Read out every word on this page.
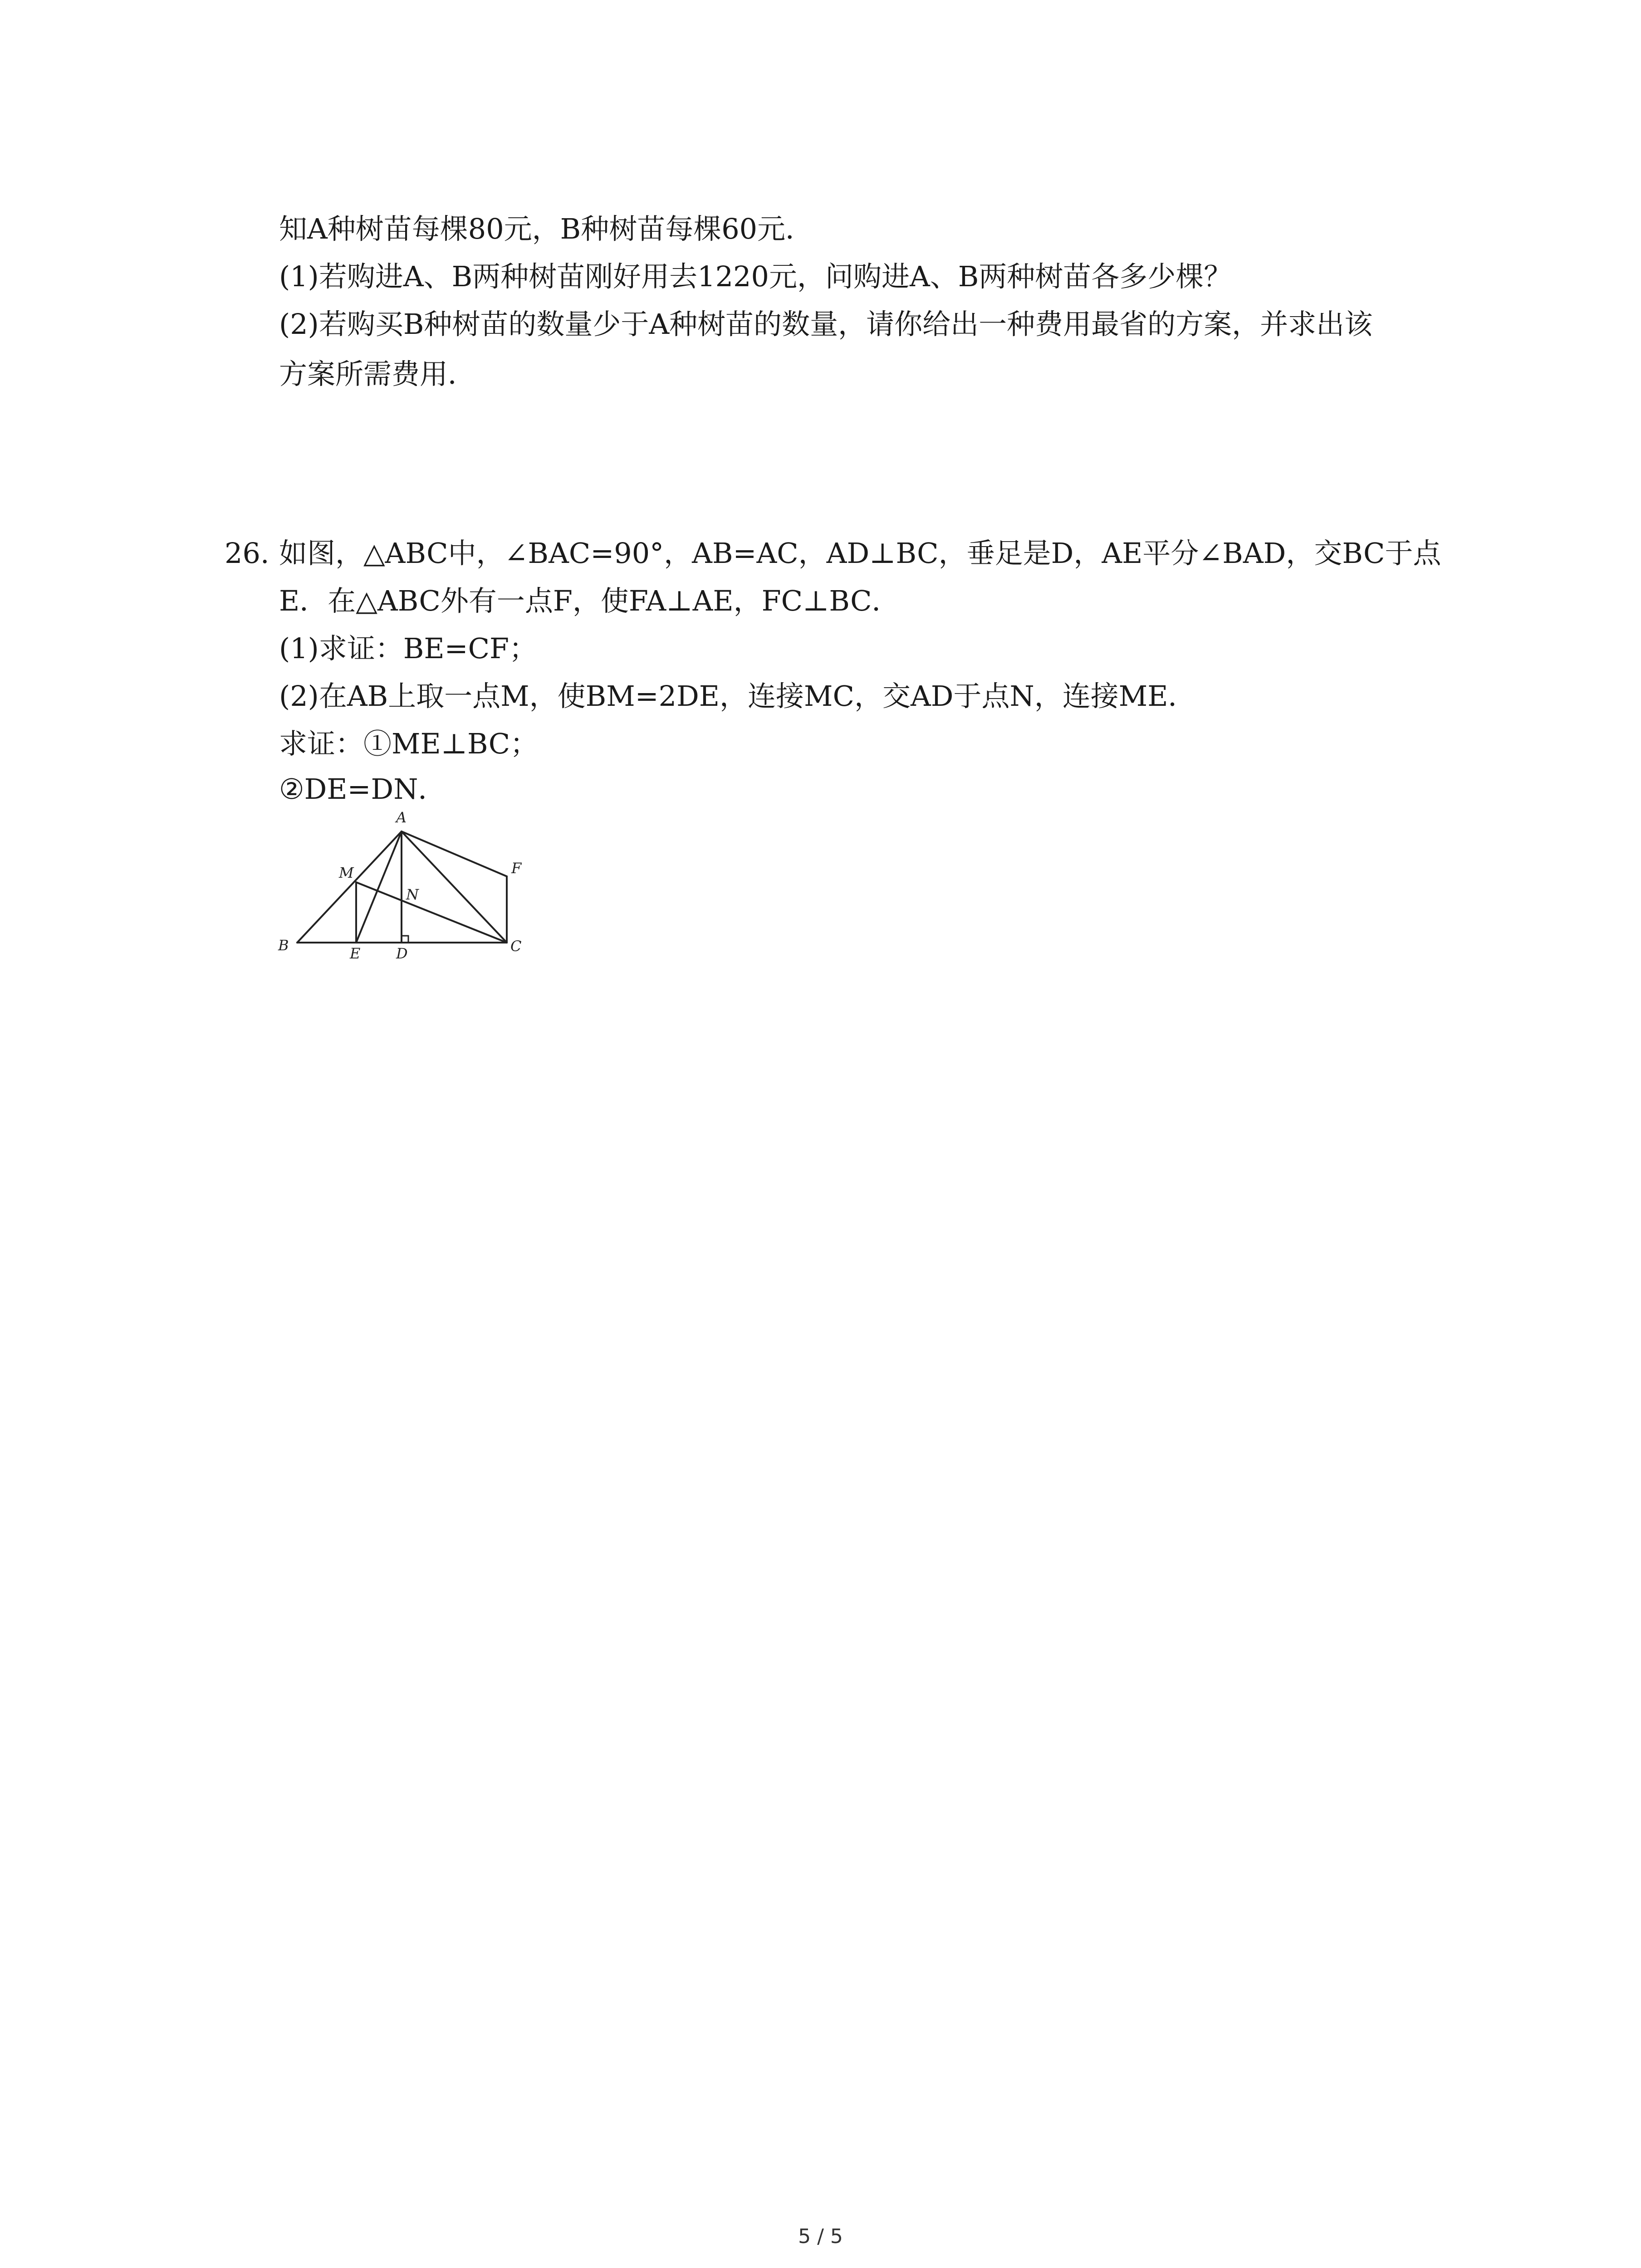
知A种树苗每棵80元，B种树苗每棵60元．
(1)若购进A、B两种树苗刚好用去1220元，问购进A、B两种树苗各多少棵？
(2)若购买B种树苗的数量少于A种树苗的数量，请你给出一种费用最省的方案，并求出该
方案所需费用．
26. 如图，△ABC中，∠BAC=90°，AB=AC，AD⊥BC，垂足是D，AE平分∠BAD，交BC于点
E．在△ABC外有一点F，使FA⊥AE，FC⊥BC．
(1)求证：BE=CF；
(2)在AB上取一点M，使BM=2DE，连接MC，交AD于点N，连接ME．
求证：①ME⊥BC；
②DE=DN．
A
B	C
D
E
F
M
N
5 / 5
